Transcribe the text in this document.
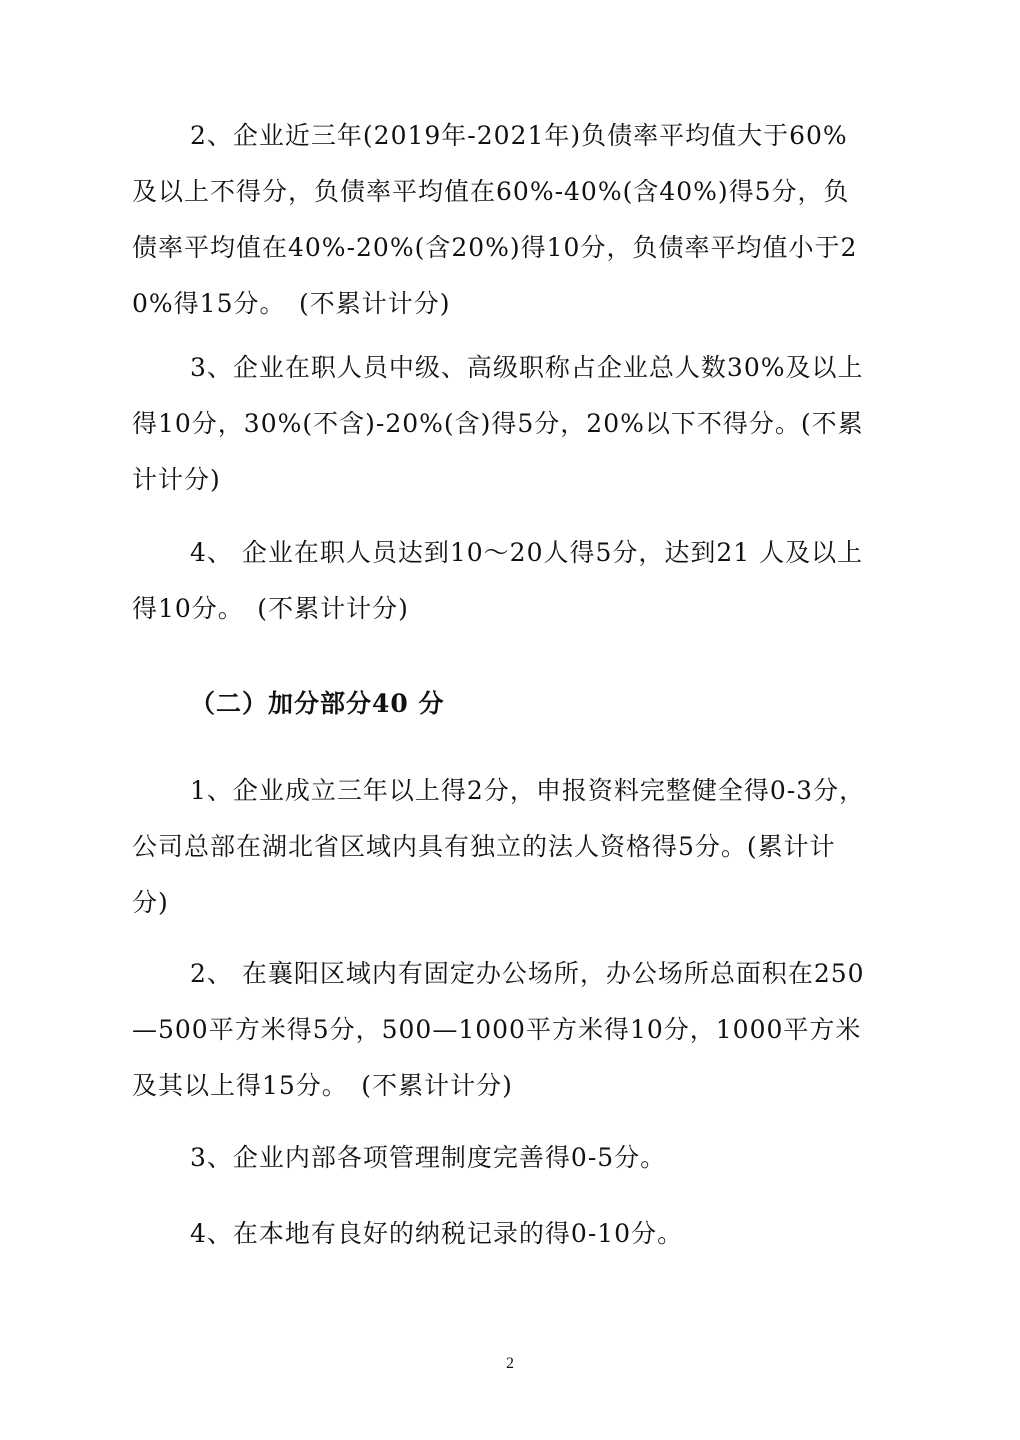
2、企业近三年(2019年-2021年)负债率平均值大于60%及以上不得分，负债率平均值在60%-40%(含40%)得5分，负债率平均值在40%-20%(含20%)得10分，负债率平均值小于20%得15分。　(不累计计分)

3、企业在职人员中级、高级职称占企业总人数30%及以上 得10分，30%(不含)-20%(含)得5分，20%以下不得分。(不累计计分)

4、 企业在职人员达到10～20人得5分，达到21 人及以上得10分。　(不累计计分)

（二）加分部分40 分

1、企业成立三年以上得2分，申报资料完整健全得0-3分， 公司总部在湖北省区域内具有独立的法人资格得5分。(累计计分)

2、 在襄阳区域内有固定办公场所，办公场所总面积在250—500平方米得5分，500—1000平方米得10分，1000平方米及其以上得15分。　(不累计计分)

3、企业内部各项管理制度完善得0-5分。

4、在本地有良好的纳税记录的得0-10分。

2
